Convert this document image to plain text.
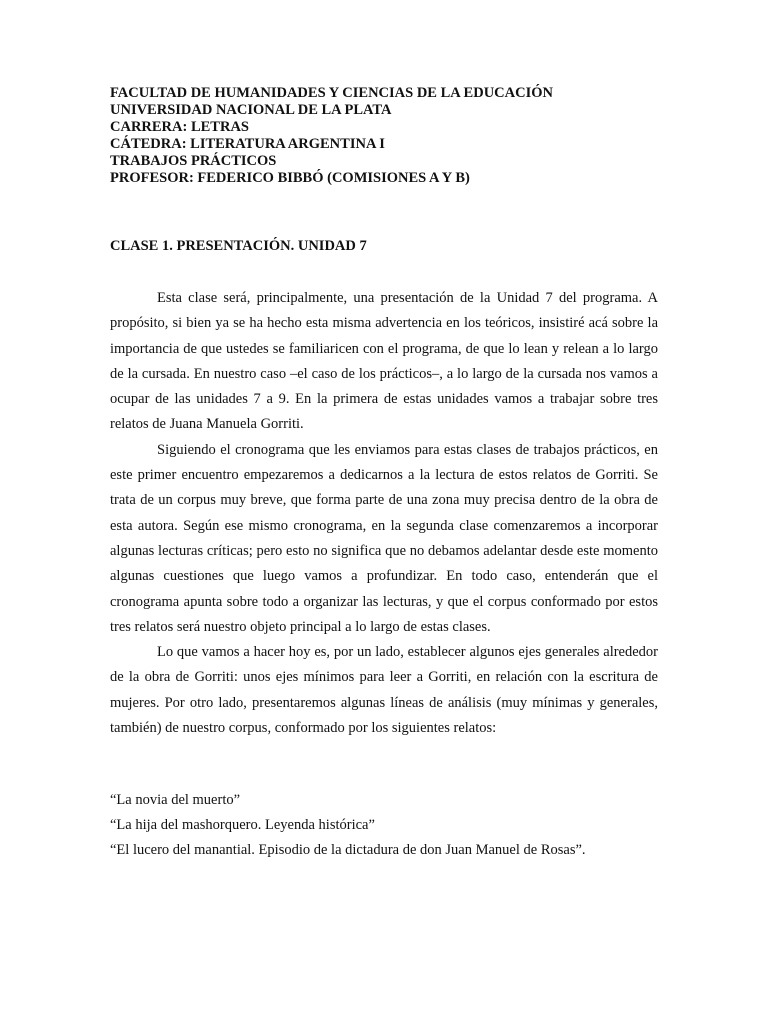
FACULTAD DE HUMANIDADES Y CIENCIAS DE LA EDUCACIÓN
UNIVERSIDAD NACIONAL DE LA PLATA
CARRERA: LETRAS
CÁTEDRA: LITERATURA ARGENTINA I
TRABAJOS PRÁCTICOS
PROFESOR: FEDERICO BIBBÓ (COMISIONES A Y B)
CLASE 1. PRESENTACIÓN. UNIDAD 7

Esta clase será, principalmente, una presentación de la Unidad 7 del programa. A propósito, si bien ya se ha hecho esta misma advertencia en los teóricos, insistiré acá sobre la importancia de que ustedes se familiaricen con el programa, de que lo lean y relean a lo largo de la cursada. En nuestro caso –el caso de los prácticos–, a lo largo de la cursada nos vamos a ocupar de las unidades 7 a 9. En la primera de estas unidades vamos a trabajar sobre tres relatos de Juana Manuela Gorriti.

Siguiendo el cronograma que les enviamos para estas clases de trabajos prácticos, en este primer encuentro empezaremos a dedicarnos a la lectura de estos relatos de Gorriti. Se trata de un corpus muy breve, que forma parte de una zona muy precisa dentro de la obra de esta autora. Según ese mismo cronograma, en la segunda clase comenzaremos a incorporar algunas lecturas críticas; pero esto no significa que no debamos adelantar desde este momento algunas cuestiones que luego vamos a profundizar. En todo caso, entenderán que el cronograma apunta sobre todo a organizar las lecturas, y que el corpus conformado por estos tres relatos será nuestro objeto principal a lo largo de estas clases.

Lo que vamos a hacer hoy es, por un lado, establecer algunos ejes generales alrededor de la obra de Gorriti: unos ejes mínimos para leer a Gorriti, en relación con la escritura de mujeres. Por otro lado, presentaremos algunas líneas de análisis (muy mínimas y generales, también) de nuestro corpus, conformado por los siguientes relatos:

“La novia del muerto”
“La hija del mashorquero. Leyenda histórica”
“El lucero del manantial. Episodio de la dictadura de don Juan Manuel de Rosas”.
